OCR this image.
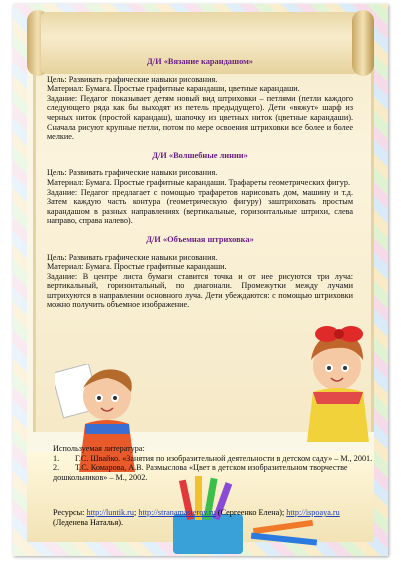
Д/И «Вязание карандашом»

Цель: Развивать графические навыки рисования.

Материал: Бумага. Простые графитные карандаши, цветные карандаши.

Задание: Педагог показывает детям новый вид штриховки – петлями (петли каждого следующего ряда как бы выходят из петель предыдущего). Дети «вяжут» шарф из черных ниток (простой карандаш), шапочку из цветных ниток (цветные карандаши). Сначала рисуют крупные петли, потом по мере освоения штриховки все более и более мелкие.

Д/И «Волшебные линии»

Цель: Развивать графические навыки рисования.

Материал: Бумага. Простые графитные карандаши. Трафареты геометрических фигур.

Задание: Педагог предлагает с помощью трафаретов нарисовать дом, машину и т.д. Затем каждую часть контура (геометрическую фигуру) заштриховать простым карандашом в разных направлениях (вертикальные, горизонтальные штрихи, слева направо, справа налево).

Д/И «Объемная штриховка»

Цель: Развивать графические навыки рисования.

Материал: Бумага. Простые графитные карандаши.

Задание: В центре листа бумаги ставится точка и от нее рисуются три луча: вертикальный, горизонтальный, по диагонали. Промежутки между лучами штрихуются в направлении основного луча. Дети убеждаются: с помощью штриховки можно получить объемное изображение.

Используемая литература:

1. Г.С. Швайко. «Занятия по изобразительной деятельности в детском саду» – М., 2001.

2. Т.С. Комарова, А.В. Размыслова «Цвет в детском изобразительном творчестве дошкольников» – М., 2002.

Ресурсы: http://luntik.ru; http://stranamasterov.ru (Сергеенко Елена); http://ispoaya.ru (Леденева Наталья).
